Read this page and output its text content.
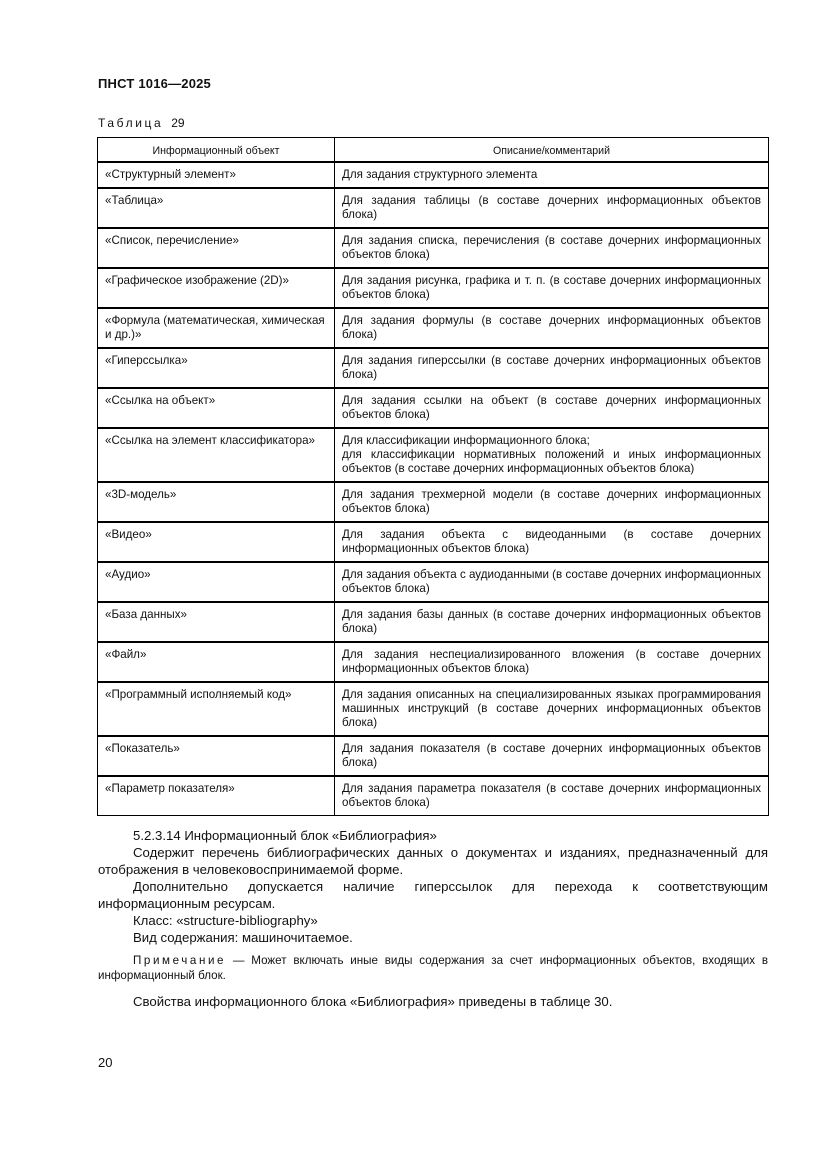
ПНСТ 1016—2025
Таблица 29
Информационный объект	Описание/комментарий
«Структурный элемент»	Для задания структурного элемента

«Таблица»	Для задания таблицы (в составе дочерних информационных объектов блока)

«Список, перечисление»	Для задания списка, перечисления (в составе дочерних информационных объектов блока)

«Графическое изображение (2D)»	Для задания рисунка, графика и т. п. (в составе дочерних информационных объектов блока)

«Формула (математическая, химическая и др.)»	Для задания формулы (в составе дочерних информационных объектов блока)

«Гиперссылка»	Для задания гиперссылки (в составе дочерних информационных объектов блока)

«Ссылка на объект»	Для задания ссылки на объект (в составе дочерних информационных объектов блока)

«Ссылка на элемент классификатора»	Для классификации информационного блока;
для классификации нормативных положений и иных информационных объектов (в составе дочерних информационных объектов блока)

«3D-модель»	Для задания трехмерной модели (в составе дочерних информационных объектов блока)

«Видео»	Для задания объекта с видеоданными (в составе дочерних информационных объектов блока)

«Аудио»	Для задания объекта с аудиоданными (в составе дочерних информационных объектов блока)

«База данных»	Для задания базы данных (в составе дочерних информационных объектов блока)

«Файл»	Для задания неспециализированного вложения (в составе дочерних информационных объектов блока)

«Программный исполняемый код»	Для задания описанных на специализированных языках программирования машинных инструкций (в составе дочерних информационных объектов блока)

«Показатель»	Для задания показателя (в составе дочерних информационных объектов блока)

«Параметр показателя»	Для задания параметра показателя (в составе дочерних информационных объектов блока)

5.2.3.14 Информационный блок «Библиография»

Содержит перечень библиографических данных о документах и изданиях, предназначенный для отображения в человековоспринимаемой форме.

Дополнительно допускается наличие гиперссылок для перехода к соответствующим информационным ресурсам.

Класс: «structure-bibliography»

Вид содержания: машиночитаемое.

Примечание — Может включать иные виды содержания за счет информационных объектов, входящих в информационный блок.

Свойства информационного блока «Библиография» приведены в таблице 30.

20
